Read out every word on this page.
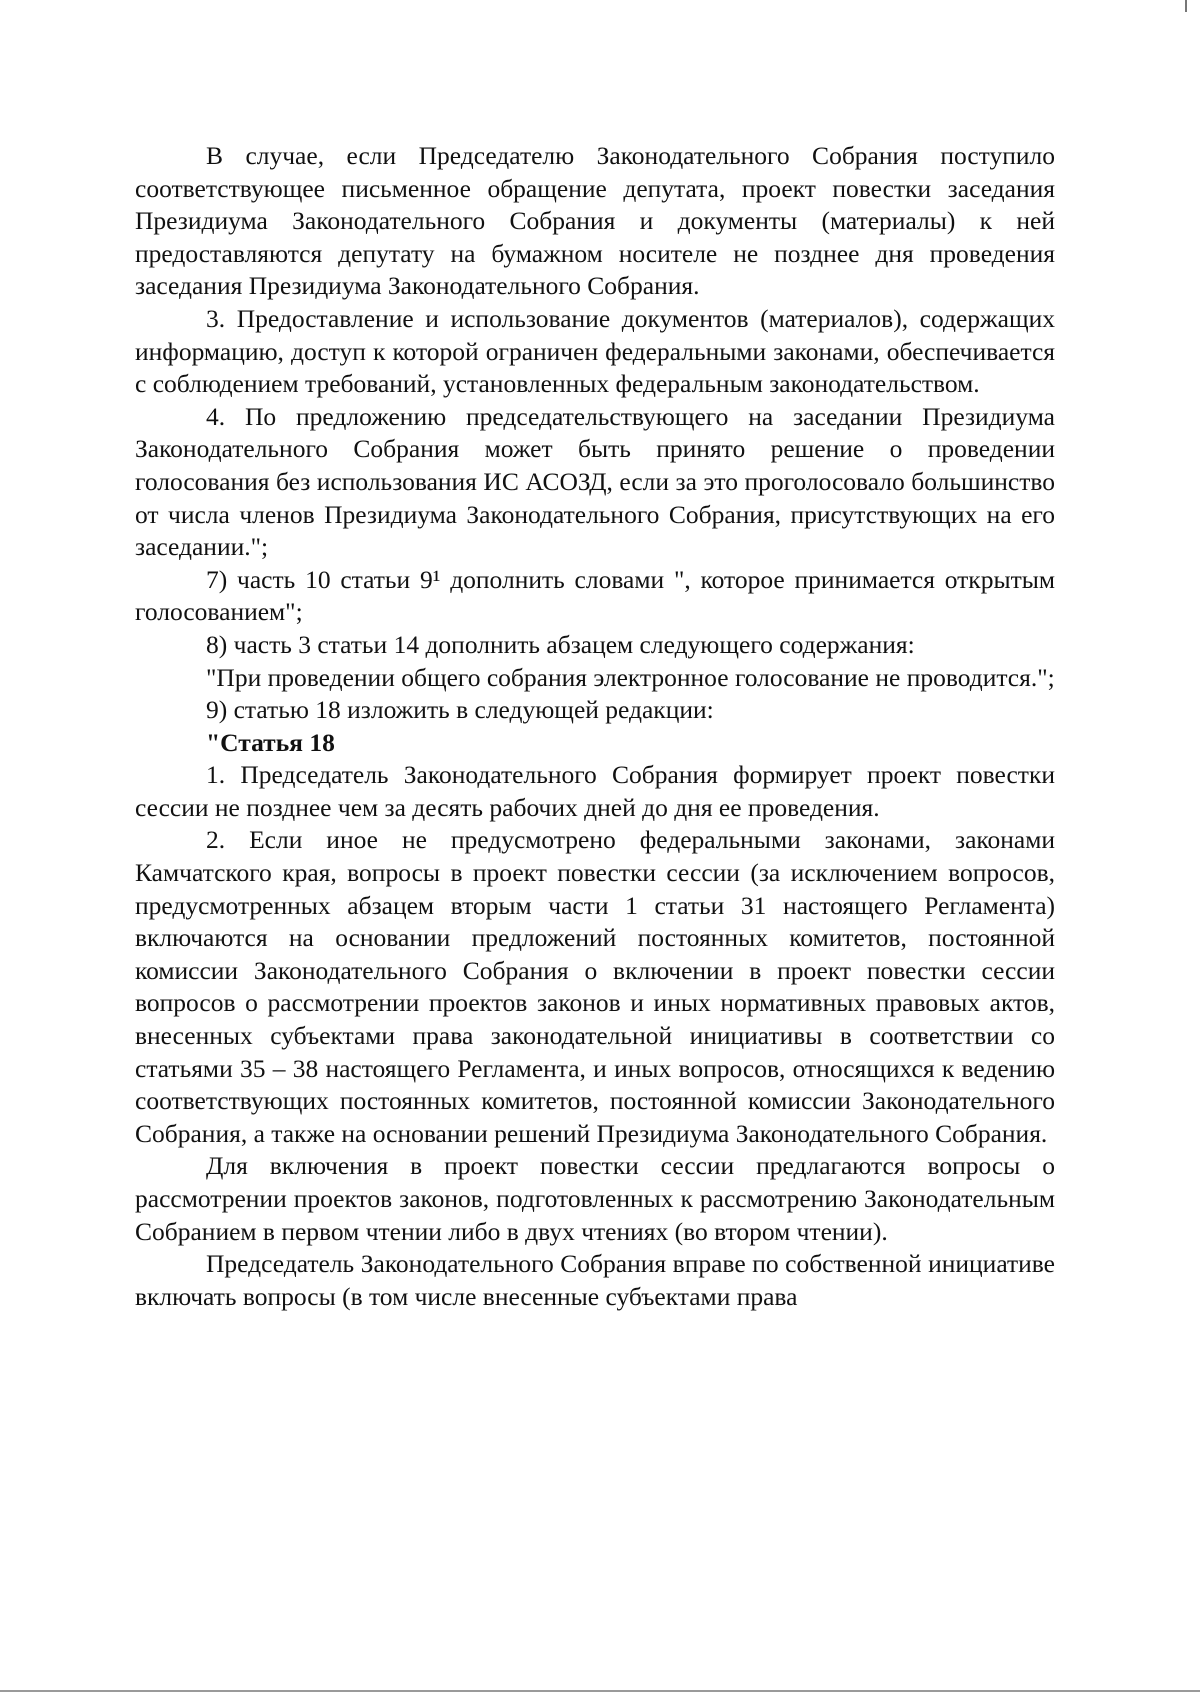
В случае, если Председателю Законодательного Собрания поступило соответствующее письменное обращение депутата, проект повестки заседания Президиума Законодательного Собрания и документы (материалы) к ней предоставляются депутату на бумажном носителе не позднее дня проведения заседания Президиума Законодательного Собрания.

3. Предоставление и использование документов (материалов), содержащих информацию, доступ к которой ограничен федеральными законами, обеспечивается с соблюдением требований, установленных федеральным законодательством.

4. По предложению председательствующего на заседании Президиума Законодательного Собрания может быть принято решение о проведении голосования без использования ИС АСОЗД, если за это проголосовало большинство от числа членов Президиума Законодательного Собрания, присутствующих на его заседании.";

7) часть 10 статьи 9¹ дополнить словами ", которое принимается открытым голосованием";

8) часть 3 статьи 14 дополнить абзацем следующего содержания:

"При проведении общего собрания электронное голосование не проводится.";

9) статью 18 изложить в следующей редакции:

"Статья 18

1. Председатель Законодательного Собрания формирует проект повестки сессии не позднее чем за десять рабочих дней до дня ее проведения.

2. Если иное не предусмотрено федеральными законами, законами Камчатского края, вопросы в проект повестки сессии (за исключением вопросов, предусмотренных абзацем вторым части 1 статьи 31 настоящего Регламента) включаются на основании предложений постоянных комитетов, постоянной комиссии Законодательного Собрания о включении в проект повестки сессии вопросов о рассмотрении проектов законов и иных нормативных правовых актов, внесенных субъектами права законодательной инициативы в соответствии со статьями 35 – 38 настоящего Регламента, и иных вопросов, относящихся к ведению соответствующих постоянных комитетов, постоянной комиссии Законодательного Собрания, а также на основании решений Президиума Законодательного Собрания.

Для включения в проект повестки сессии предлагаются вопросы о рассмотрении проектов законов, подготовленных к рассмотрению Законодательным Собранием в первом чтении либо в двух чтениях (во втором чтении).

Председатель Законодательного Собрания вправе по собственной инициативе включать вопросы (в том числе внесенные субъектами права
